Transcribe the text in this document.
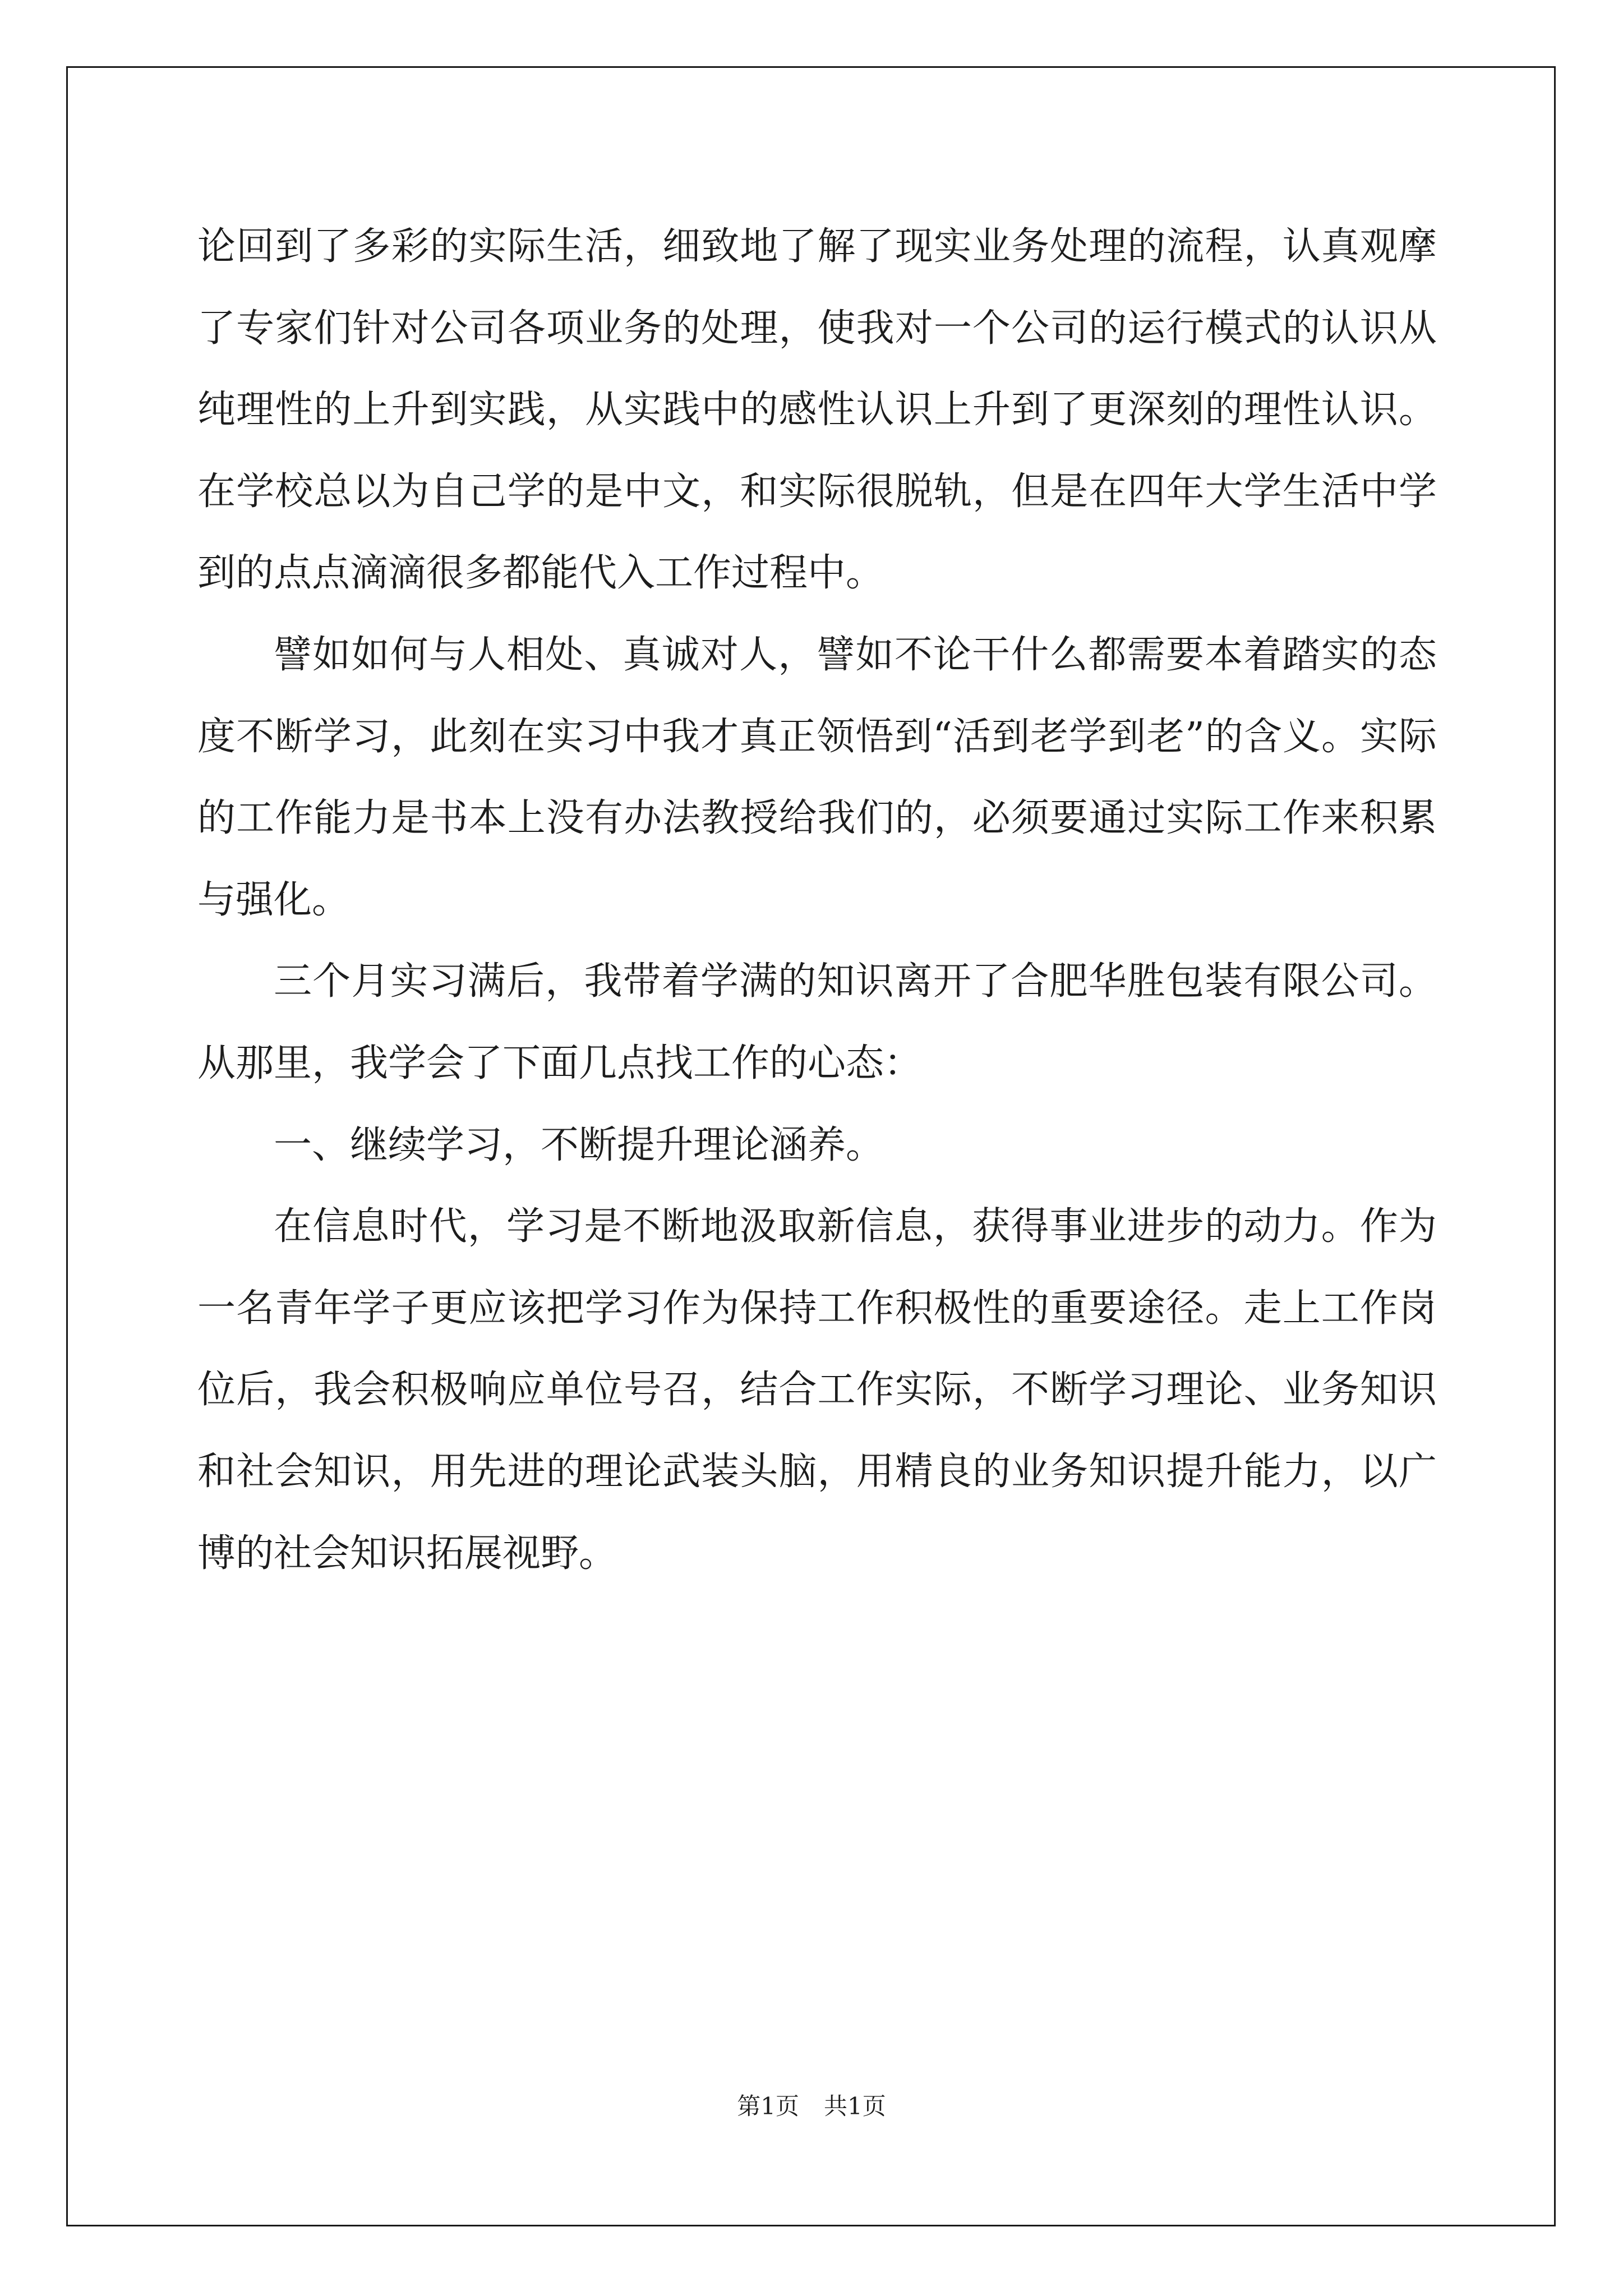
论回到了多彩的实际生活，细致地了解了现实业务处理的流程，认真观摩了专家们针对公司各项业务的处理，使我对一个公司的运行模式的认识从纯理性的上升到实践，从实践中的感性认识上升到了更深刻的理性认识。在学校总以为自己学的是中文，和实际很脱轨，但是在四年大学生活中学到的点点滴滴很多都能代入工作过程中。

譬如如何与人相处、真诚对人，譬如不论干什么都需要本着踏实的态度不断学习，此刻在实习中我才真正领悟到“活到老学到老”的含义。实际的工作能力是书本上没有办法教授给我们的，必须要通过实际工作来积累与强化。

三个月实习满后，我带着学满的知识离开了合肥华胜包装有限公司。从那里，我学会了下面几点找工作的心态：

一、继续学习，不断提升理论涵养。

在信息时代，学习是不断地汲取新信息，获得事业进步的动力。作为一名青年学子更应该把学习作为保持工作积极性的重要途径。走上工作岗位后，我会积极响应单位号召，结合工作实际，不断学习理论、业务知识和社会知识，用先进的理论武装头脑，用精良的业务知识提升能力，以广博的社会知识拓展视野。

第1页 共1页
